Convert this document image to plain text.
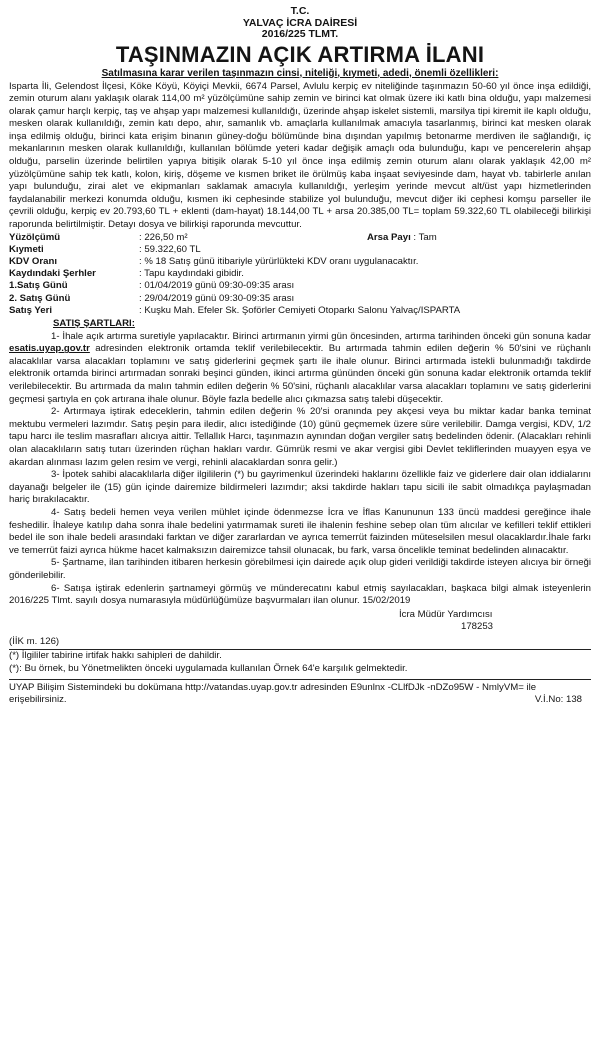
T.C.
YALVAÇ İCRA DAİRESİ
2016/225 TLMT.
TAŞINMAZIN AÇIK ARTIRMA İLANI
Satılmasına karar verilen taşınmazın cinsi, niteliği, kıymeti, adedi, önemli özellikleri:
Isparta İli, Gelendost İlçesi, Köke Köyü, Köyiçi Mevkii, 6674 Parsel, Avlulu kerpiç ev niteliğinde taşınmazın 50-60 yıl önce inşa edildiği, zemin oturum alanı yaklaşık olarak 114,00 m² yüzölçümüne sahip zemin ve birinci kat olmak üzere iki katlı bina olduğu, yapı malzemesi olarak çamur harçlı kerpiç, taş ve ahşap yapı malzemesi kullanıldığı, üzerinde ahşap iskelet sistemli, marsilya tipi kiremit ile kaplı olduğu, mesken olarak kullanıldığı, zemin katı depo, ahır, samanlık vb. amaçlarla kullanılmak amacıyla tasarlanmış, birinci kat mesken olarak inşa edilmiş olduğu, birinci kata erişim binanın güney-doğu bölümünde bina dışından yapılmış betonarme merdiven ile sağlandığı, iç mekanlarının mesken olarak kullanıldığı, kullanılan bölümde yeteri kadar değişik amaçlı oda bulunduğu, kapı ve pencerelerin ahşap olduğu, parselin üzerinde belirtilen yapıya bitişik olarak 5-10 yıl önce inşa edilmiş zemin oturum alanı olarak yaklaşık 42,00 m² yüzölçümüne sahip tek katlı, kolon, kiriş, döşeme ve kısmen briket ile örülmüş kaba inşaat seviyesinde dam, hayat vb. tabirlerle anılan yapı bulunduğu, zirai alet ve ekipmanları saklamak amacıyla kullanıldığı, yerleşim yerinde mevcut alt/üst yapı hizmetlerinden faydalanabilir merkezi konumda olduğu, kısmen iki cephesinde stabilize yol bulunduğu, mevcut diğer iki cephesi komşu parseller ile çevrili olduğu, kerpiç ev 20.793,60 TL + eklenti (dam-hayat) 18.144,00 TL + arsa 20.385,00 TL= toplam 59.322,60 TL olabileceği bilirkişi raporunda belirtilmiştir. Detayı dosya ve bilirkişi raporunda mevcuttur.
Yüzölçümü	: 226,50 m²	Arsa Payı : Tam
Kıymeti	: 59.322,60 TL
KDV Oranı	: % 18 Satış günü itibariyle yürürlükteki KDV oranı uygulanacaktır.
Kaydındaki Şerhler	: Tapu kaydındaki gibidir.
1.Satış Günü	: 01/04/2019 günü 09:30-09:35 arası
2. Satış Günü	: 29/04/2019 günü 09:30-09:35 arası
Satış Yeri	: Kuşku Mah. Efeler Sk. Şoförler Cemiyeti Otoparkı Salonu Yalvaç/ISPARTA
SATIŞ ŞARTLARI:
1- İhale açık artırma suretiyle yapılacaktır. Birinci artırmanın yirmi gün öncesinden, artırma tarihinden önceki gün sonuna kadar esatis.uyap.gov.tr adresinden elektronik ortamda teklif verilebilecektir. Bu artırmada tahmin edilen değerin % 50'sini ve rüçhanlı alacaklılar varsa alacakları toplamını ve satış giderlerini geçmek şartı ile ihale olunur. Birinci artırmada istekli bulunmadığı takdirde elektronik ortamda birinci artırmadan sonraki beşinci günden, ikinci artırma gününden önceki gün sonuna kadar elektronik ortamda teklif verilebilecektir. Bu artırmada da malın tahmin edilen değerin % 50'sini, rüçhanlı alacaklılar varsa alacakları toplamını ve satış giderlerini geçmesi şartıyla en çok artırana ihale olunur. Böyle fazla bedelle alıcı çıkmazsa satış talebi düşecektir.
2- Artırmaya iştirak edeceklerin, tahmin edilen değerin % 20'si oranında pey akçesi veya bu miktar kadar banka teminat mektubu vermeleri lazımdır. Satış peşin para iledir, alıcı istediğinde (10) günü geçmemek üzere süre verilebilir. Damga vergisi, KDV, 1/2 tapu harcı ile teslim masrafları alıcıya aittir. Tellallık Harcı, taşınmazın aynından doğan vergiler satış bedelinden ödenir. (Alacakları rehinli olan alacaklıların satış tutarı üzerinden rüçhan hakları vardır. Gümrük resmi ve akar vergisi gibi Devlet tekliflerinden muayyen eşya ve akardan alınması lazım gelen resim ve vergi, rehinli alacaklardan sonra gelir.)
3- İpotek sahibi alacaklılarla diğer ilgililerin (*) bu gayrimenkul üzerindeki haklarını özellikle faiz ve giderlere dair olan iddialarını dayanağı belgeler ile (15) gün içinde dairemize bildirmeleri lazımdır; aksi takdirde hakları tapu sicili ile sabit olmadıkça paylaşmadan hariç bırakılacaktır.
4- Satış bedeli hemen veya verilen mühlet içinde ödenmezse İcra ve İflas Kanununun 133 üncü maddesi gereğince ihale feshedilir. İhaleye katılıp daha sonra ihale bedelini yatırmamak sureti ile ihalenin feshine sebep olan tüm alıcılar ve kefilleri teklif ettikleri bedel ile son ihale bedeli arasındaki farktan ve diğer zararlardan ve ayrıca temerrüt faizinden müteselsilen mesul olacaklardır.İhale farkı ve temerrüt faizi ayrıca hükme hacet kalmaksızın dairemizce tahsil olunacak, bu fark, varsa öncelikle teminat bedelinden alınacaktır.
5- Şartname, ilan tarihinden itibaren herkesin görebilmesi için dairede açık olup gideri verildiği takdirde isteyen alıcıya bir örneği gönderilebilir.
6- Satışa iştirak edenlerin şartnameyi görmüş ve münderecatını kabul etmiş sayılacakları, başkaca bilgi almak isteyenlerin 2016/225 Tlmt. sayılı dosya numarasıyla müdürlüğümüze başvurmaları ilan olunur. 15/02/2019
İcra Müdür Yardımcısı
178253
(İİK m. 126)
(*) İlgililer tabirine irtifak hakkı sahipleri de dahildir.
(*): Bu örnek, bu Yönetmelikten önceki uygulamada kullanılan Örnek 64'e karşılık gelmektedir.
UYAP Bilişim Sistemindeki bu dokümana http://vatandas.uyap.gov.tr adresinden E9unlnx -CLlfDJk -nDZo95W - NmlyVM= ile erişebilirsiniz.	V.İ.No: 138
